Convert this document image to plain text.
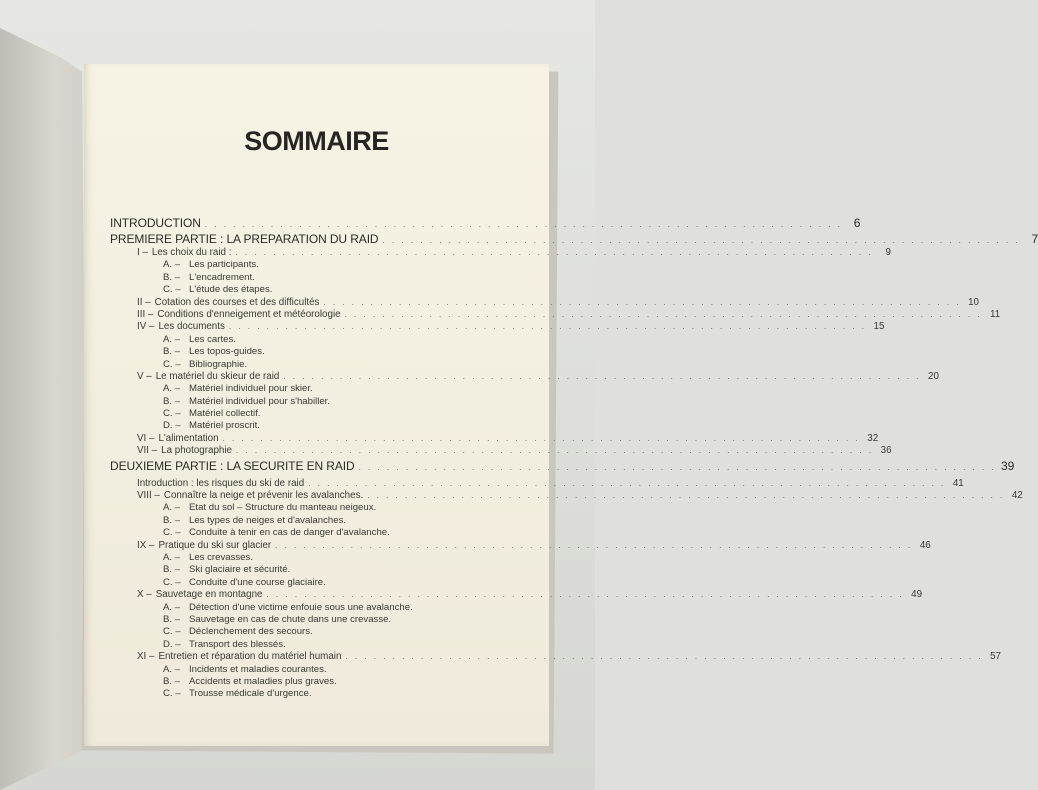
SOMMAIRE
INTRODUCTION . . . . . . . . . . . . . . . . . . . . . . . . . . . . . . . . . . . . . . . . . . . . . . . . . . . . . . . . . . . . . . . . . . . . 6
PREMIERE PARTIE : LA PREPARATION DU RAID . . . . . . . . . . . . . . . . . . . . . . . . . . . . . . . . . . . . . . . . . . . . . . . . . . . . . . . . . . . . . . . . . . . . 7
I – Les choix du raid : . . . . . . . . . . . . . . . . . . . . . . . . . . . . . . . . . . . . . . . . . . . . . . . . . . . . . . . . . . . . . . . . . . . .	9
A. – Les participants.
B. – L'encadrement.
C. – L'étude des étapes.
II – Cotation des courses et des difficultés . . . . . . . . . . . . . . . . . . . . . . . . . . . . . . . . . . . . . . . . . . . . . . . . . . . . . . . . . . . . . . . . . . . . 10
III – Conditions d'enneigement et météorologie . . . . . . . . . . . . . . . . . . . . . . . . . . . . . . . . . . . . . . . . . . . . . . . . . . . . . . . . . . . . . . . . . . . . 11
IV – Les documents . . . . . . . . . . . . . . . . . . . . . . . . . . . . . . . . . . . . . . . . . . . . . . . . . . . . . . . . . . . . . . . . . . . . 15
A. – Les cartes.
B. – Les topos-guides.
C. – Bibliographie.
V – Le matériel du skieur de raid . . . . . . . . . . . . . . . . . . . . . . . . . . . . . . . . . . . . . . . . . . . . . . . . . . . . . . . . . . . . . . . . . . . . 20
A. – Matériel individuel pour skier.
B. – Matériel individuel pour s'habiller.
C. – Matériel collectif.
D. – Matériel proscrit.
VI – L'alimentation . . . . . . . . . . . . . . . . . . . . . . . . . . . . . . . . . . . . . . . . . . . . . . . . . . . . . . . . . . . . . . . . . . . . 32
VII – La photographie . . . . . . . . . . . . . . . . . . . . . . . . . . . . . . . . . . . . . . . . . . . . . . . . . . . . . . . . . . . . . . . . . . . . 36
DEUXIEME PARTIE : LA SECURITE EN RAID . . . . . . . . . . . . . . . . . . . . . . . . . . . . . . . . . . . . . . . . . . . . . . . . . . . . . . . . . . . . . . . . . . . . 39
Introduction : les risques du ski de raid . . . . . . . . . . . . . . . . . . . . . . . . . . . . . . . . . . . . . . . . . . . . . . . . . . . . . . . . . . . . . . . . . . . . 41
VIII – Connaître la neige et prévenir les avalanches. . . . . . . . . . . . . . . . . . . . . . . . . . . . . . . . . . . . . . . . . . . . . . . . . . . . . . . . . . . . . . . . . . . . . 42
A. – Etat du sol – Structure du manteau neigeux.
B. – Les types de neiges et d'avalanches.
C. – Conduite à tenir en cas de danger d'avalanche.
IX – Pratique du ski sur glacier . . . . . . . . . . . . . . . . . . . . . . . . . . . . . . . . . . . . . . . . . . . . . . . . . . . . . . . . . . . . . . . . . . . . 46
A. – Les crevasses.
B. – Ski glaciaire et sécurité.
C. – Conduite d'une course glaciaire.
X – Sauvetage en montagne . . . . . . . . . . . . . . . . . . . . . . . . . . . . . . . . . . . . . . . . . . . . . . . . . . . . . . . . . . . . . . . . . . . . 49
A. – Détection d'une victime enfouie sous une avalanche.
B. – Sauvetage en cas de chute dans une crevasse.
C. – Déclenchement des secours.
D. – Transport des blessés.
XI – Entretien et réparation du matériel humain . . . . . . . . . . . . . . . . . . . . . . . . . . . . . . . . . . . . . . . . . . . . . . . . . . . . . . . . . . . . . . . . . . . . 57
A. – Incidents et maladies courantes.
B. – Accidents et maladies plus graves.
C. – Trousse médicale d'urgence.
